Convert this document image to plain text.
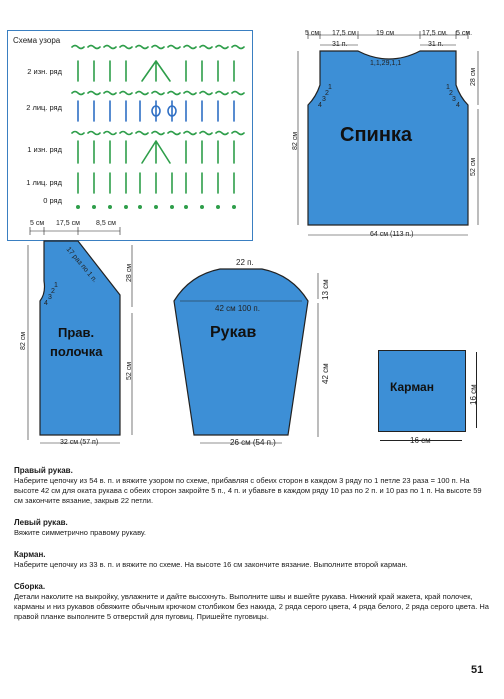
Схема узора
2 изн. ряд
2 лиц. ряд
1 изн. ряд
1 лиц. ряд
0 ряд
5 см. 17,5 см	19 см	17,5 см. 5 см.
31 п.	31 п.
1,1,29,1,1
1
2
3
4
1
2
3
4
Спинка
82 см
28 см
52 см
64 см (113 п.)
5 см 17,5 см 8,5 см
17 раз по 1 п.
1
2
3
4
Прав.
полочка
82 см
28 см
52 см
32 см (57 п)
22 п.
42 см 100 п.
Рукав
13 см
42 см
26 см (54 п.)
Карман	16 см
16 см
Правый рукав.

Наберите цепочку из 54 в. п. и вяжите узором по схеме, прибавляя с обеих сторон в каждом 3 ряду по 1 петле 23 раза = 100 п. На высоте 42 см для оката рукава с обеих сторон закройте 5 п., 4 п. и убавьте в каждом ряду 10 раз по 2 п. и 10 раз по 1 п. На высоте 59 см закончите вязание, закрыв 22 петли.

Левый рукав.

Вяжите симметрично правому рукаву.

Карман.

Наберите цепочку из 33 в. п. и вяжите по схеме. На высоте 16 см закончите вязание. Выполните второй карман.

Сборка.

Детали наколите на выкройку, увлажните и дайте высохнуть. Выполните швы и вшейте рукава. Нижний край жакета, край полочек, карманы и низ рукавов обвяжите обычным крючком столбиком без накида, 2 ряда серого цвета, 4 ряда белого, 2 ряда серого цвета. На правой планке выполните 5 отверстий для пуговиц. Пришейте пуговицы.

51
